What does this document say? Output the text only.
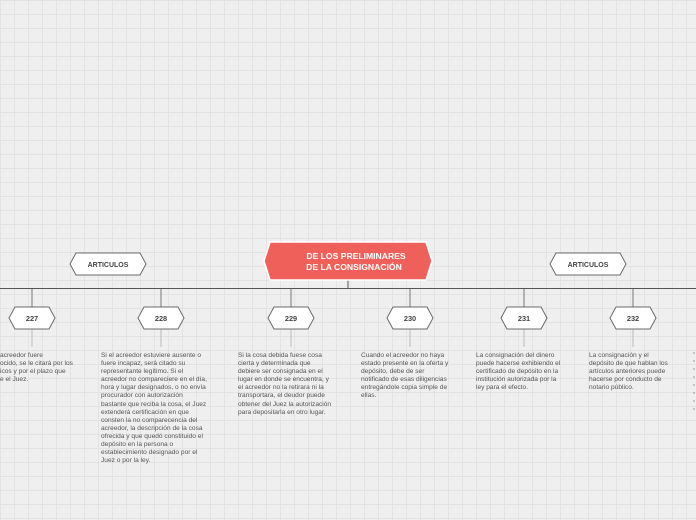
DE LOS PRELIMINARES
DE LA CONSIGNACIÓN
ARTICULOS	ARTICULOS
227	228	229	230	231	232
acreedor fuere
ocido, se le citará por los
icos y por el plazo que
e el Juez.
Si el acreedor estuviere ausente o
fuere incapaz, será citado su
representante legítimo. Si el
acreedor no compareciere en el día,
hora y lugar designados, o no envía
procurador con autorización
bastante que reciba la cosa, el Juez
extenderá certificación en que
consten la no comparecencia del
acreedor, la descripción de la cosa
ofrecida y que quedó constituido el
depósito en la persona o
establecimiento designado por el
Juez o por la ley.
Si la cosa debida fuese cosa
cierta y determinada que
debiere ser consignada en el
lugar en donde se encuentra, y
el acreedor no la retirara ni la
transportara, el deudor puede
obtener del Juez la autorización
para depositarla en otro lugar.
Cuando el acreedor no haya
estado presente en la oferta y
depósito, debe de ser
notificado de esas diligencias
entregándole copia simple de
ellas.
La consignación del dinero
puede hacerse exhibiendo el
certificado de depósito en la
institución autorizada por la
ley para el efecto.
La consignación y el
depósito de que hablan los
artículos anteriores puede
hacerse por conducto de
notario público.
